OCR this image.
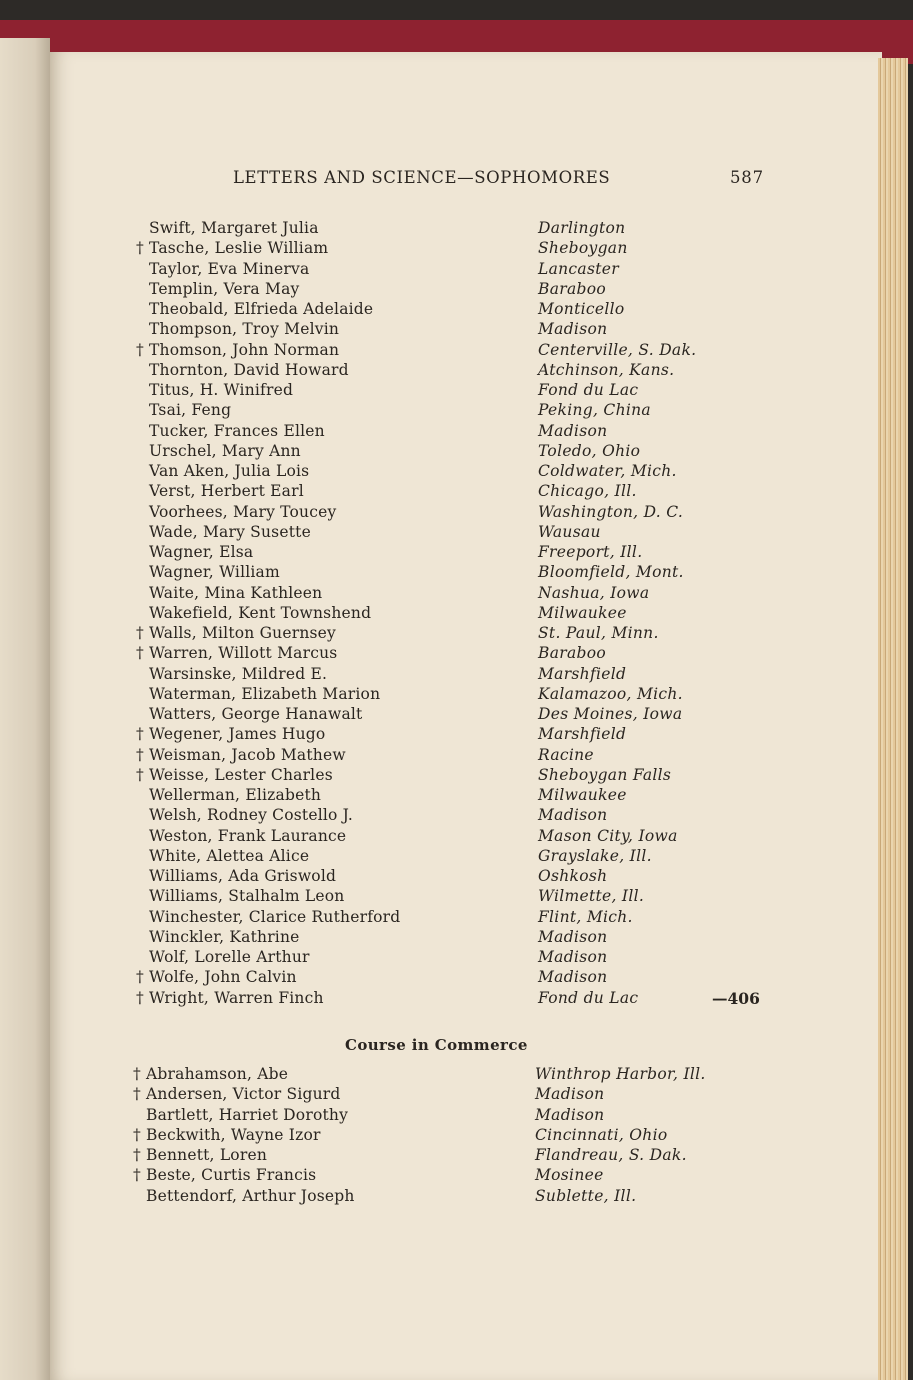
LETTERS AND SCIENCE—SOPHOMORES	587
Swift, Margaret Julia	Darlington
† Tasche, Leslie William	Sheboygan
Taylor, Eva Minerva	Lancaster
Templin, Vera May	Baraboo
Theobald, Elfrieda Adelaide	Monticello
Thompson, Troy Melvin	Madison
† Thomson, John Norman	Centerville, S. Dak.
Thornton, David Howard	Atchinson, Kans.
Titus, H. Winifred	Fond du Lac
Tsai, Feng	Peking, China
Tucker, Frances Ellen	Madison
Urschel, Mary Ann	Toledo, Ohio
Van Aken, Julia Lois	Coldwater, Mich.
Verst, Herbert Earl	Chicago, Ill.
Voorhees, Mary Toucey	Washington, D. C.
Wade, Mary Susette	Wausau
Wagner, Elsa	Freeport, Ill.
Wagner, William	Bloomfield, Mont.
Waite, Mina Kathleen	Nashua, Iowa
Wakefield, Kent Townshend	Milwaukee
† Walls, Milton Guernsey	St. Paul, Minn.
† Warren, Willott Marcus	Baraboo
Warsinske, Mildred E.	Marshfield
Waterman, Elizabeth Marion	Kalamazoo, Mich.
Watters, George Hanawalt	Des Moines, Iowa
† Wegener, James Hugo	Marshfield
† Weisman, Jacob Mathew	Racine
† Weisse, Lester Charles	Sheboygan Falls
Wellerman, Elizabeth	Milwaukee
Welsh, Rodney Costello J.	Madison
Weston, Frank Laurance	Mason City, Iowa
White, Alettea Alice	Grayslake, Ill.
Williams, Ada Griswold	Oshkosh
Williams, Stalhalm Leon	Wilmette, Ill.
Winchester, Clarice Rutherford	Flint, Mich.
Winckler, Kathrine	Madison
Wolf, Lorelle Arthur	Madison
† Wolfe, John Calvin	Madison
† Wright, Warren Finch	Fond du Lac	—406
Course in Commerce
† Abrahamson, Abe	Winthrop Harbor, Ill.
† Andersen, Victor Sigurd	Madison
Bartlett, Harriet Dorothy	Madison
† Beckwith, Wayne Izor	Cincinnati, Ohio
† Bennett, Loren	Flandreau, S. Dak.
† Beste, Curtis Francis	Mosinee
Bettendorf, Arthur Joseph	Sublette, Ill.
